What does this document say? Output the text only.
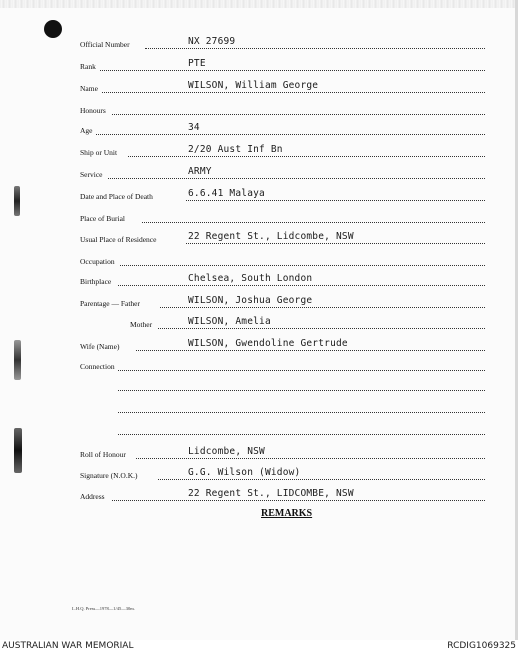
Official Number	NX 27699
Rank	PTE
Name	WILSON, William George
Honours
Age	34
Ship or Unit	2/20 Aust Inf Bn
Service	ARMY
Date and Place of Death	6.6.41 Malaya
Place of Burial
Usual Place of Residence	22 Regent St., Lidcombe, NSW
Occupation
Birthplace	Chelsea, South London
Parentage — Father	WILSON, Joshua George
Mother	WILSON, Amelia
Wife (Name)	WILSON, Gwendoline Gertrude
Connection
Roll of Honour	Lidcombe, NSW
Signature (N.O.K.)	G.G. Wilson (Widow)
Address	22 Regent St., LIDCOMBE, NSW
REMARKS
L.H.Q. Press—1978—1/45—30m.
AUSTRALIAN WAR MEMORIAL	RCDIG1069325
